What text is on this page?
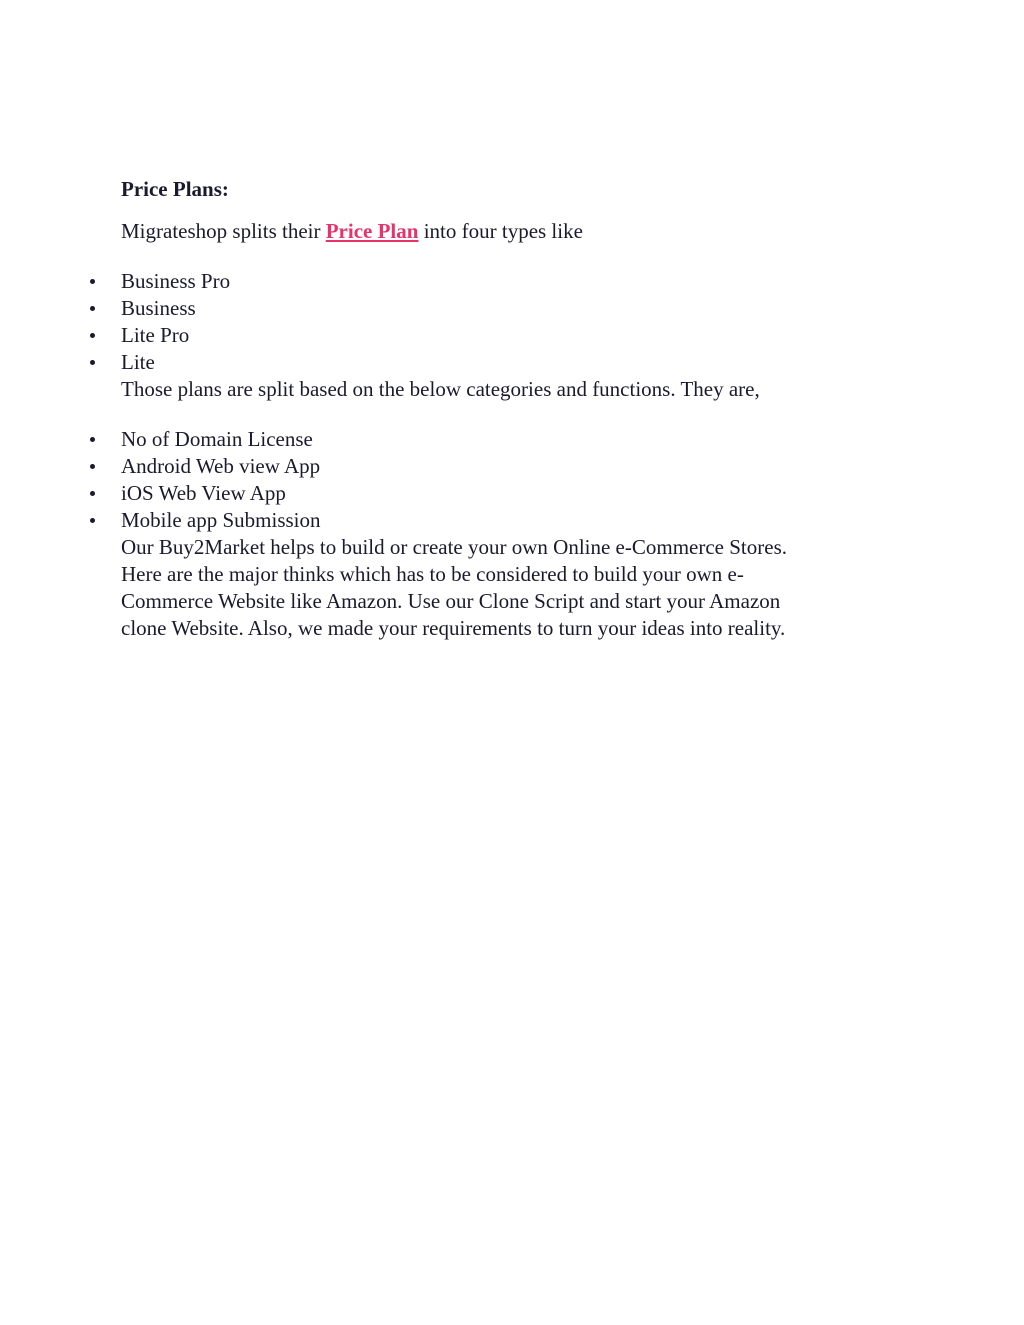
Price Plans:
Migrateshop splits their Price Plan into four types like
Business Pro
Business
Lite Pro
Lite
Those plans are split based on the below categories and functions. They are,
No of Domain License
Android Web view App
iOS Web View App
Mobile app Submission
Our Buy2Market helps to build or create your own Online e-Commerce Stores.
Here are the major thinks which has to be considered to build your own e-
Commerce Website like Amazon. Use our Clone Script and start your Amazon
clone Website. Also, we made your requirements to turn your ideas into reality.
